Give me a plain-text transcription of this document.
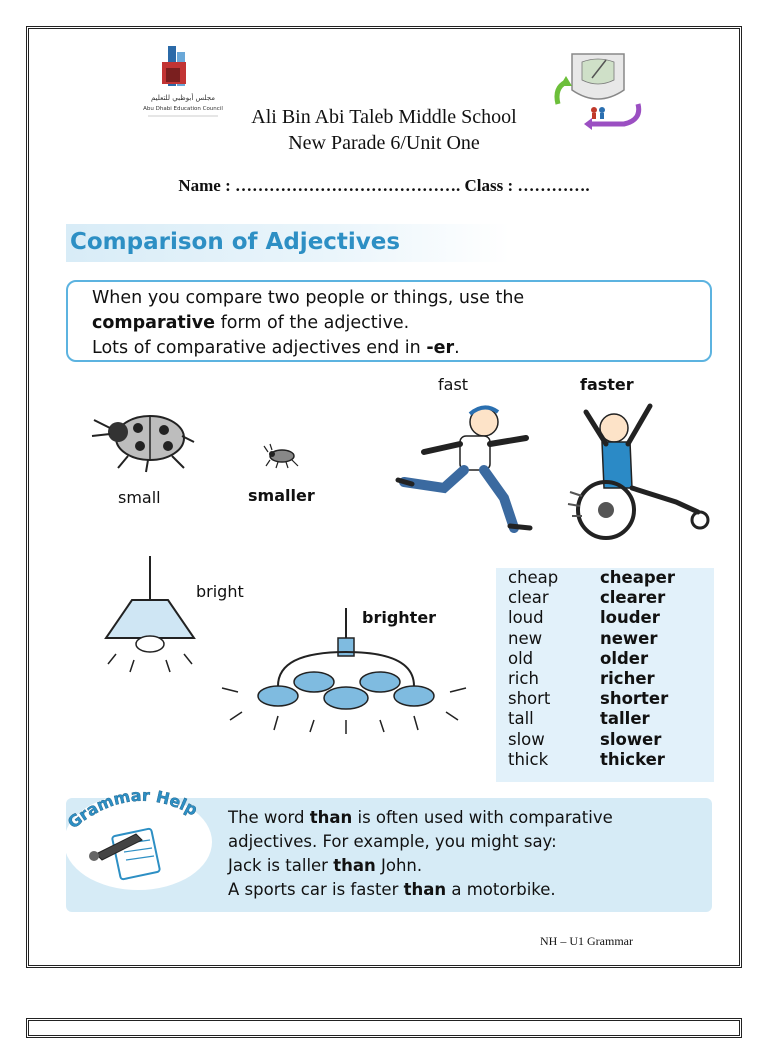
مجلس أبوظبي للتعليم
Abu Dhabi Education Council	Ali Bin Abi Taleb Middle School
New Parade 6/Unit One
Name : …………………………………. Class : ………….
Comparison of Adjectives
When you compare two people or things, use the
comparative form of the adjective.
Lots of comparative adjectives end in -er.
small	smaller
fast	faster
bright
brighter
cheap	cheaper
clear	clearer
loud	louder
new	newer
old	older
rich	richer
short	shorter
tall	taller
slow	slower
thick	thicker
Grammar Help The word than is often used with comparative
adjectives. For example, you might say:
Jack is taller than John.
A sports car is faster than a motorbike.
NH – U1 Grammar
